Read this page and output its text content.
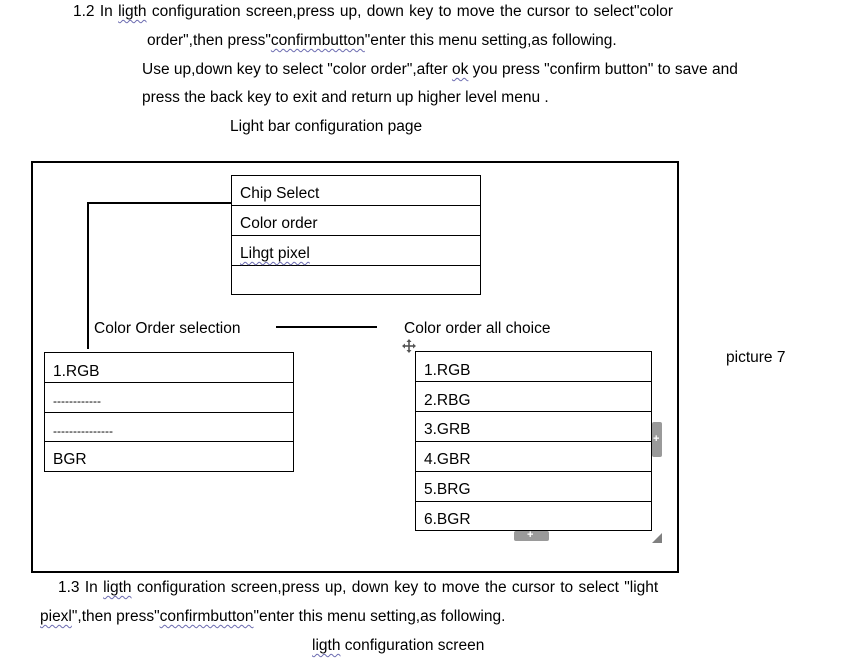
1.2 In ligth configuration screen,press up, down key to move the cursor to select"color
order",then press"confirmbutton"enter this menu setting,as following.
Use up,down key to select "color order",after ok you press "confirm button" to save and
press the back key to exit and return up higher level menu .
Light bar configuration page
Chip Select
Color order
Lihgt pixel
Color Order selection	Color order all choice
1.RGB
------------
---------------
BGR
1.RGB
2.RBG
3.GRB
4.GBR
5.BRG
6.BGR
+
+
picture 7
1.3 In ligth configuration screen,press up, down key to move the cursor to select "light
piexl",then press"confirmbutton"enter this menu setting,as following.
ligth configuration screen
